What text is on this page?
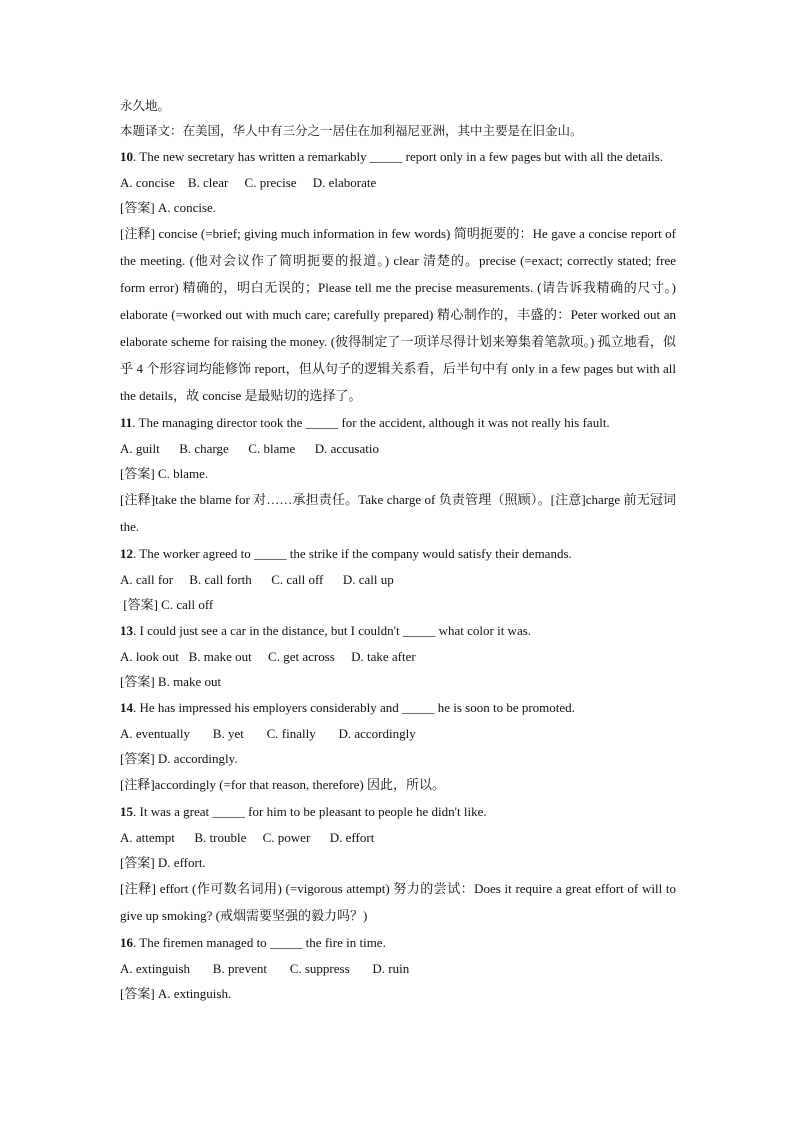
永久地。
本题译文：在美国，华人中有三分之一居住在加利福尼亚洲，其中主要是在旧金山。
10. The new secretary has written a remarkably _____ report only in a few pages but with all the details.
A. concise    B. clear     C. precise     D. elaborate
[答案] A. concise.
[注释] concise (=brief; giving much information in few words) 简明扼要的：He gave a concise report of the meeting. (他对会议作了简明扼要的报道。) clear 清楚的。precise (=exact; correctly stated; free form error) 精确的，明白无误的；Please tell me the precise measurements. (请告诉我精确的尺寸。) elaborate (=worked out with much care; carefully prepared) 精心制作的，丰盛的：Peter worked out an elaborate scheme for raising the money. (彼得制定了一项详尽得计划来筹集着笔款项。) 孤立地看，似乎 4 个形容词均能修饰 report，但从句子的逻辑关系看，后半句中有 only in a few pages but with all the details，故 concise 是最贴切的选择了。
11. The managing director took the _____ for the accident, although it was not really his fault.
A. guilt      B. charge      C. blame      D. accusatio
[答案] C. blame.
[注释]take the blame for 对……承担责任。Take charge of 负责管理（照顾）。[注意]charge 前无冠词 the.
12. The worker agreed to _____ the strike if the company would satisfy their demands.
A. call for     B. call forth      C. call off      D. call up
[答案] C. call off
13. I could just see a car in the distance, but I couldn't _____ what color it was.
A. look out   B. make out     C. get across     D. take after
[答案] B. make out
14. He has impressed his employers considerably and _____ he is soon to be promoted.
A. eventually       B. yet       C. finally       D. accordingly
[答案] D. accordingly.
[注释]accordingly (=for that reason, therefore) 因此，所以。
15. It was a great _____ for him to be pleasant to people he didn't like.
A. attempt      B. trouble     C. power      D. effort
[答案] D. effort.
[注释] effort (作可数名词用) (=vigorous attempt) 努力的尝试：Does it require a great effort of will to give up smoking? (戒烟需要坚强的毅力吗？)
16. The firemen managed to _____ the fire in time.
A. extinguish       B. prevent       C. suppress       D. ruin
[答案] A. extinguish.
